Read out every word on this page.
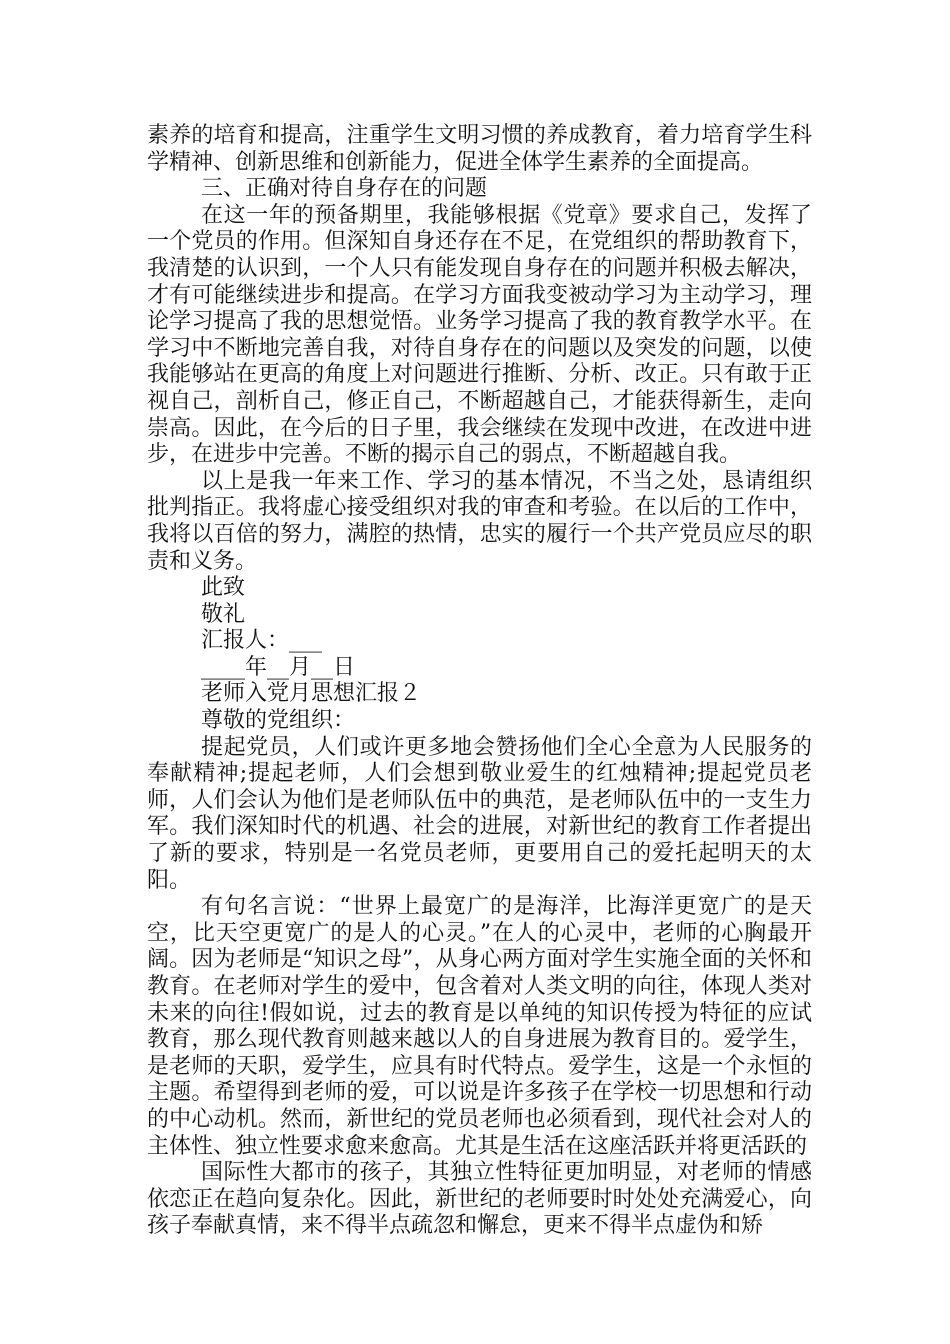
素养的培育和提高，注重学生文明习惯的养成教育，着力培育学生科学精神、创新思维和创新能力，促进全体学生素养的全面提高。

三、正确对待自身存在的问题

在这一年的预备期里，我能够根据《党章》要求自己，发挥了一个党员的作用。但深知自身还存在不足，在党组织的帮助教育下，我清楚的认识到，一个人只有能发现自身存在的问题并积极去解决，才有可能继续进步和提高。在学习方面我变被动学习为主动学习，理论学习提高了我的思想觉悟。业务学习提高了我的教育教学水平。在学习中不断地完善自我，对待自身存在的问题以及突发的问题，以使我能够站在更高的角度上对问题进行推断、分析、改正。只有敢于正视自己，剖析自己，修正自己，不断超越自己，才能获得新生，走向崇高。因此，在今后的日子里，我会继续在发现中改进，在改进中进步，在进步中完善。不断的揭示自己的弱点，不断超越自我。

以上是我一年来工作、学习的基本情况，不当之处，恳请组织批判指正。我将虚心接受组织对我的审查和考验。在以后的工作中，我将以百倍的努力，满腔的热情，忠实的履行一个共产党员应尽的职责和义务。

此致

敬礼

汇报人：___

____年__月__日

老师入党月思想汇报２

尊敬的党组织：

提起党员，人们或许更多地会赞扬他们全心全意为人民服务的奉献精神;提起老师，人们会想到敬业爱生的红烛精神;提起党员老师，人们会认为他们是老师队伍中的典范，是老师队伍中的一支生力军。我们深知时代的机遇、社会的进展，对新世纪的教育工作者提出了新的要求，特别是一名党员老师，更要用自己的爱托起明天的太阳。

有句名言说：“世界上最宽广的是海洋，比海洋更宽广的是天空，比天空更宽广的是人的心灵。”在人的心灵中，老师的心胸最开阔。因为老师是“知识之母”，从身心两方面对学生实施全面的关怀和教育。在老师对学生的爱中，包含着对人类文明的向往，体现人类对未来的向往!假如说，过去的教育是以单纯的知识传授为特征的应试教育，那么现代教育则越来越以人的自身进展为教育目的。爱学生，是老师的天职，爱学生，应具有时代特点。爱学生，这是一个永恒的主题。希望得到老师的爱，可以说是许多孩子在学校一切思想和行动的中心动机。然而，新世纪的党员老师也必须看到，现代社会对人的主体性、独立性要求愈来愈高。尤其是生活在这座活跃并将更活跃的

国际性大都市的孩子，其独立性特征更加明显，对老师的情感依恋正在趋向复杂化。因此，新世纪的老师要时时处处充满爱心，向孩子奉献真情，来不得半点疏忽和懈怠，更来不得半点虚伪和矫
